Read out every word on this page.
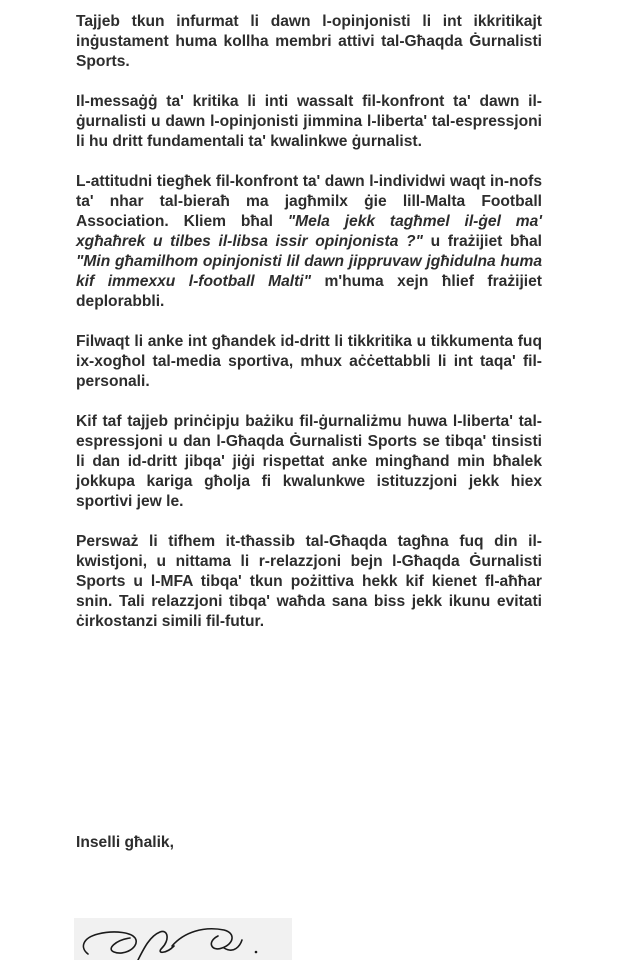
Tajjeb tkun infurmat li dawn l-opinjonisti li int ikkritikajt inġustament huma kollha membri attivi tal-Għaqda Ġurnalisti Sports.

Il-messaġġ ta' kritika li inti wassalt fil-konfront ta' dawn il-ġurnalisti u dawn l-opinjonisti jimmina l-liberta' tal-espressjoni li hu dritt fundamentali ta' kwalinkwe ġurnalist.

L-attitudni tiegħek fil-konfront ta' dawn l-individwi waqt in-nofs ta' nhar tal-bieraħ ma jagħmilx ġie lill-Malta Football Association. Kliem bħal "Mela jekk tagħmel il-ġel ma' xgħaħrek u tilbes il-libsa issir opinjonista ?" u frażijiet bħal "Min għamilhom opinjonisti lil dawn jippruvaw jgħidulna huma kif immexxu l-football Malti" m'huma xejn ħlief frażijiet deplorabbli.

Filwaqt li anke int għandek id-dritt li tikkritika u tikkumenta fuq ix-xogħol tal-media sportiva, mhux aċċettabbli li int taqa' fil-personali.

Kif taf tajjeb prinċipju bażiku fil-ġurnaliżmu huwa l-liberta' tal-espressjoni u dan l-Għaqda Ġurnalisti Sports se tibqa' tinsisti li dan id-dritt jibqa' jiġi rispettat anke mingħand min bħalek jokkupa kariga għolja fi kwalunkwe istituzzjoni jekk hiex sportivi jew le.

Persważ li tifhem it-tħassib tal-Għaqda tagħna fuq din il-kwistjoni, u nittama li r-relazzjoni bejn l-Għaqda Ġurnalisti Sports u l-MFA tibqa' tkun pożittiva hekk kif kienet fl-aħħar snin. Tali relazzjoni tibqa' waħda sana biss jekk ikunu evitati ċirkostanzi simili fil-futur.

Inselli għalik,
